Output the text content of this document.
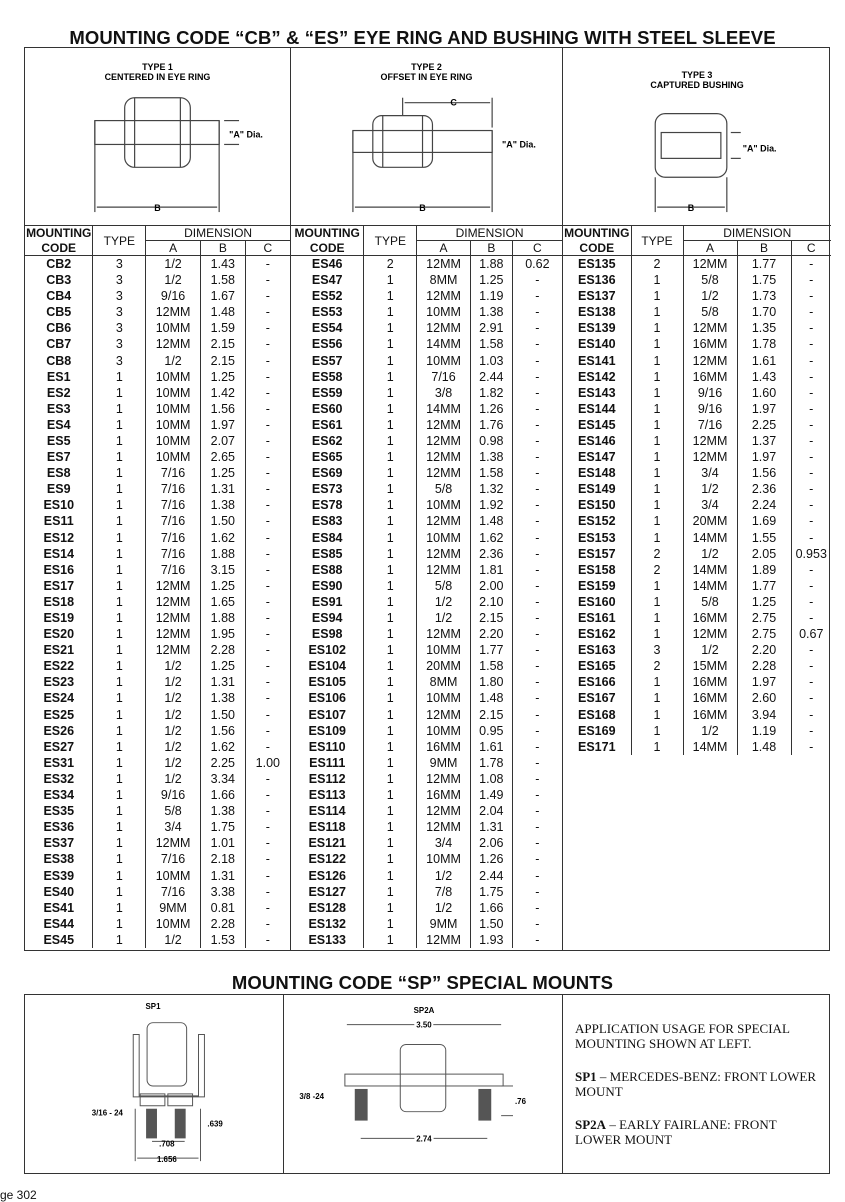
MOUNTING CODE “CB” & “ES” EYE RING AND BUSHING WITH STEEL SLEEVE
TYPE 1
CENTERED IN EYE RING
"A" Dia.
B
MOUNTING	TYPE	DIMENSION		
CODE		A	B	C
CB2	3	1/2	1.43	-
CB3	3	1/2	1.58	-
CB4	3	9/16	1.67	-
CB5	3	12MM	1.48	-
CB6	3	10MM	1.59	-
CB7	3	12MM	2.15	-
CB8	3	1/2	2.15	-
ES1	1	10MM	1.25	-
ES2	1	10MM	1.42	-
ES3	1	10MM	1.56	-
ES4	1	10MM	1.97	-
ES5	1	10MM	2.07	-
ES7	1	10MM	2.65	-
ES8	1	7/16	1.25	-
ES9	1	7/16	1.31	-
ES10	1	7/16	1.38	-
ES11	1	7/16	1.50	-
ES12	1	7/16	1.62	-
ES14	1	7/16	1.88	-
ES16	1	7/16	3.15	-
ES17	1	12MM	1.25	-
ES18	1	12MM	1.65	-
ES19	1	12MM	1.88	-
ES20	1	12MM	1.95	-
ES21	1	12MM	2.28	-
ES22	1	1/2	1.25	-
ES23	1	1/2	1.31	-
ES24	1	1/2	1.38	-
ES25	1	1/2	1.50	-
ES26	1	1/2	1.56	-
ES27	1	1/2	1.62	-
ES31	1	1/2	2.25	1.00
ES32	1	1/2	3.34	-
ES34	1	9/16	1.66	-
ES35	1	5/8	1.38	-
ES36	1	3/4	1.75	-
ES37	1	12MM	1.01	-
ES38	1	7/16	2.18	-
ES39	1	10MM	1.31	-
ES40	1	7/16	3.38	-
ES41	1	9MM	0.81	-
ES44	1	10MM	2.28	-
ES45	1	1/2	1.53	-
TYPE 2
OFFSET IN EYE RING
C
"A" Dia.
B
MOUNTING	TYPE	DIMENSION		
CODE		A	B	C
ES46	2	12MM	1.88	0.62
ES47	1	8MM	1.25	-
ES52	1	12MM	1.19	-
ES53	1	10MM	1.38	-
ES54	1	12MM	2.91	-
ES56	1	14MM	1.58	-
ES57	1	10MM	1.03	-
ES58	1	7/16	2.44	-
ES59	1	3/8	1.82	-
ES60	1	14MM	1.26	-
ES61	1	12MM	1.76	-
ES62	1	12MM	0.98	-
ES65	1	12MM	1.38	-
ES69	1	12MM	1.58	-
ES73	1	5/8	1.32	-
ES78	1	10MM	1.92	-
ES83	1	12MM	1.48	-
ES84	1	10MM	1.62	-
ES85	1	12MM	2.36	-
ES88	1	12MM	1.81	-
ES90	1	5/8	2.00	-
ES91	1	1/2	2.10	-
ES94	1	1/2	2.15	-
ES98	1	12MM	2.20	-
ES102	1	10MM	1.77	-
ES104	1	20MM	1.58	-
ES105	1	8MM	1.80	-
ES106	1	10MM	1.48	-
ES107	1	12MM	2.15	-
ES109	1	10MM	0.95	-
ES110	1	16MM	1.61	-
ES111	1	9MM	1.78	-
ES112	1	12MM	1.08	-
ES113	1	16MM	1.49	-
ES114	1	12MM	2.04	-
ES118	1	12MM	1.31	-
ES121	1	3/4	2.06	-
ES122	1	10MM	1.26	-
ES126	1	1/2	2.44	-
ES127	1	7/8	1.75	-
ES128	1	1/2	1.66	-
ES132	1	9MM	1.50	-
ES133	1	12MM	1.93	-
TYPE 3
CAPTURED BUSHING
"A" Dia.
B
MOUNTING	TYPE	DIMENSION		
CODE		A	B	C
ES135	2	12MM	1.77	-
ES136	1	5/8	1.75	-
ES137	1	1/2	1.73	-
ES138	1	5/8	1.70	-
ES139	1	12MM	1.35	-
ES140	1	16MM	1.78	-
ES141	1	12MM	1.61	-
ES142	1	16MM	1.43	-
ES143	1	9/16	1.60	-
ES144	1	9/16	1.97	-
ES145	1	7/16	2.25	-
ES146	1	12MM	1.37	-
ES147	1	12MM	1.97	-
ES148	1	3/4	1.56	-
ES149	1	1/2	2.36	-
ES150	1	3/4	2.24	-
ES152	1	20MM	1.69	-
ES153	1	14MM	1.55	-
ES157	2	1/2	2.05	0.953
ES158	2	14MM	1.89	-
ES159	1	14MM	1.77	-
ES160	1	5/8	1.25	-
ES161	1	16MM	2.75	-
ES162	1	12MM	2.75	0.67
ES163	3	1/2	2.20	-
ES165	2	15MM	2.28	-
ES166	1	16MM	1.97	-
ES167	1	16MM	2.60	-
ES168	1	16MM	3.94	-
ES169	1	1/2	1.19	-
ES171	1	14MM	1.48	-
MOUNTING CODE “SP” SPECIAL MOUNTS
SP1
3/16 - 24
.639
.708
1.656
SP2A
3.50
3/8 -24
.76
2.74
APPLICATION USAGE FOR SPECIAL MOUNTING SHOWN AT LEFT.
SP1 – MERCEDES-BENZ: FRONT LOWER MOUNT
SP2A – EARLY FAIRLANE: FRONT LOWER MOUNT
ge 302
